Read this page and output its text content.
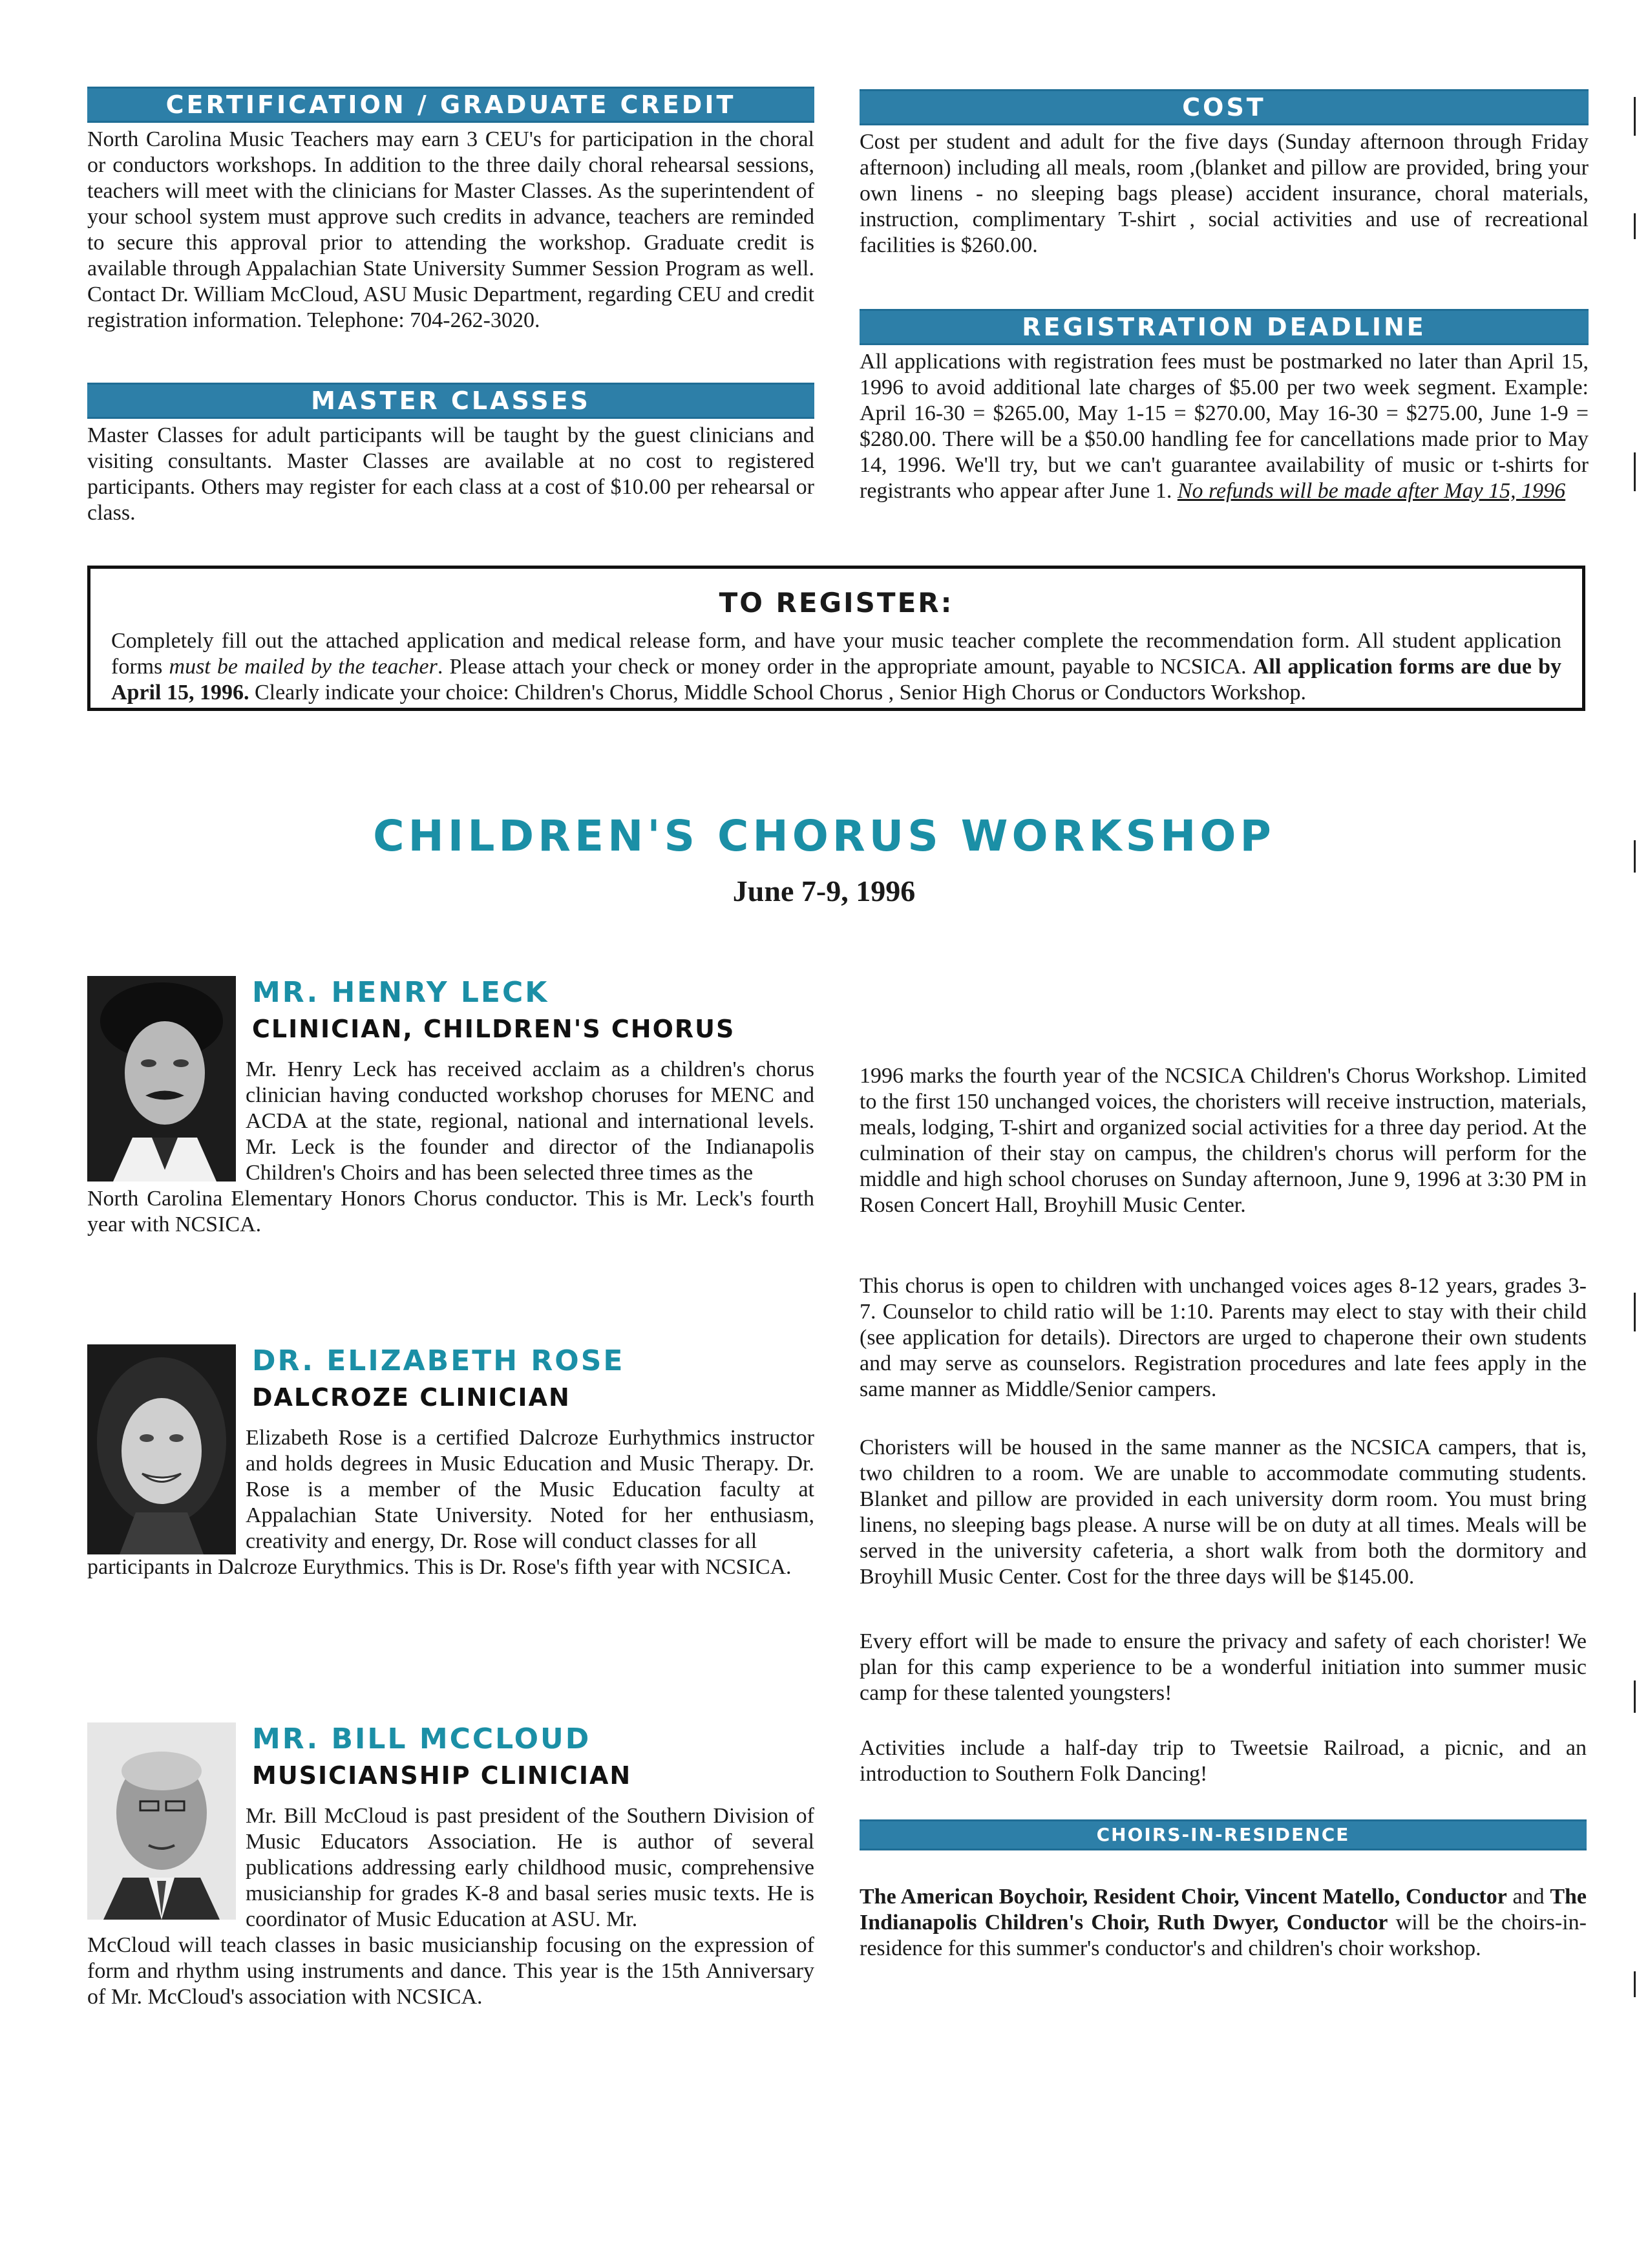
CERTIFICATION / GRADUATE CREDIT

North Carolina Music Teachers may earn 3 CEU's for participation in the choral or conductors workshops. In addition to the three daily choral rehearsal sessions, teachers will meet with the clinicians for Master Classes. As the superintendent of your school system must approve such credits in advance, teachers are reminded to secure this approval prior to attending the workshop. Graduate credit is available through Appalachian State University Summer Session Program as well. Contact Dr. William McCloud, ASU Music Department, regarding CEU and credit registration information. Telephone: 704-262-3020.

MASTER CLASSES

Master Classes for adult participants will be taught by the guest clinicians and visiting consultants. Master Classes are available at no cost to registered participants. Others may register for each class at a cost of $10.00 per rehearsal or class.

COST

Cost per student and adult for the five days (Sunday afternoon through Friday afternoon) including all meals, room ,(blanket and pillow are provided, bring your own linens - no sleeping bags please) accident insurance, choral materials, instruction, complimentary T-shirt , social activities and use of recreational facilities is $260.00.

REGISTRATION DEADLINE

All applications with registration fees must be postmarked no later than April 15, 1996 to avoid additional late charges of $5.00 per two week segment. Example: April 16-30 = $265.00, May 1-15 = $270.00, May 16-30 = $275.00, June 1-9 = $280.00. There will be a $50.00 handling fee for cancellations made prior to May 14, 1996. We'll try, but we can't guarantee availability of music or t-shirts for registrants who appear after June 1. No refunds will be made after May 15, 1996

TO REGISTER:

Completely fill out the attached application and medical release form, and have your music teacher complete the recommendation form. All student application forms must be mailed by the teacher. Please attach your check or money order in the appropriate amount, payable to NCSICA. All application forms are due by April 15, 1996. Clearly indicate your choice: Children's Chorus, Middle School Chorus , Senior High Chorus or Conductors Workshop.

CHILDREN'S CHORUS WORKSHOP
June 7-9, 1996
MR. HENRY LECK
CLINICIAN, CHILDREN'S CHORUS

Mr. Henry Leck has received acclaim as a children's chorus clinician having conducted workshop choruses for MENC and ACDA at the state, regional, national and international levels. Mr. Leck is the founder and director of the Indianapolis Children's Choirs and has been selected three times as the
North Carolina Elementary Honors Chorus conductor. This is Mr. Leck's fourth year with NCSICA.

DR. ELIZABETH ROSE
DALCROZE CLINICIAN

Elizabeth Rose is a certified Dalcroze Eurhythmics instructor and holds degrees in Music Education and Music Therapy. Dr. Rose is a member of the Music Education faculty at Appalachian State University. Noted for her enthusiasm, creativity and energy, Dr. Rose will conduct classes for all
participants in Dalcroze Eurythmics. This is Dr. Rose's fifth year with NCSICA.

MR. BILL MCCLOUD
MUSICIANSHIP CLINICIAN

Mr. Bill McCloud is past president of the Southern Division of Music Educators Association. He is author of several publications addressing early childhood music, comprehensive musicianship for grades K-8 and basal series music texts. He is coordinator of Music Education at ASU. Mr.
McCloud will teach classes in basic musicianship focusing on the expression of form and rhythm using instruments and dance. This year is the 15th Anniversary of Mr. McCloud's association with NCSICA.

1996 marks the fourth year of the NCSICA Children's Chorus Workshop. Limited to the first 150 unchanged voices, the choristers will receive instruction, materials, meals, lodging, T-shirt and organized social activities for a three day period. At the culmination of their stay on campus, the children's chorus will perform for the middle and high school choruses on Sunday afternoon, June 9, 1996 at 3:30 PM in Rosen Concert Hall, Broyhill Music Center.

This chorus is open to children with unchanged voices ages 8-12 years, grades 3-7. Counselor to child ratio will be 1:10. Parents may elect to stay with their child (see application for details). Directors are urged to chaperone their own students and may serve as counselors. Registration procedures and late fees apply in the same manner as Middle/Senior campers.

Choristers will be housed in the same manner as the NCSICA campers, that is, two children to a room. We are unable to accommodate commuting students. Blanket and pillow are provided in each university dorm room. You must bring linens, no sleeping bags please. A nurse will be on duty at all times. Meals will be served in the university cafeteria, a short walk from both the dormitory and Broyhill Music Center. Cost for the three days will be $145.00.

Every effort will be made to ensure the privacy and safety of each chorister! We plan for this camp experience to be a wonderful initiation into summer music camp for these talented youngsters!

Activities include a half-day trip to Tweetsie Railroad, a picnic, and an introduction to Southern Folk Dancing!

CHOIRS-IN-RESIDENCE

The American Boychoir, Resident Choir, Vincent Matello, Conductor and The Indianapolis Children's Choir, Ruth Dwyer, Conductor will be the choirs-in-residence for this summer's conductor's and children's choir workshop.
